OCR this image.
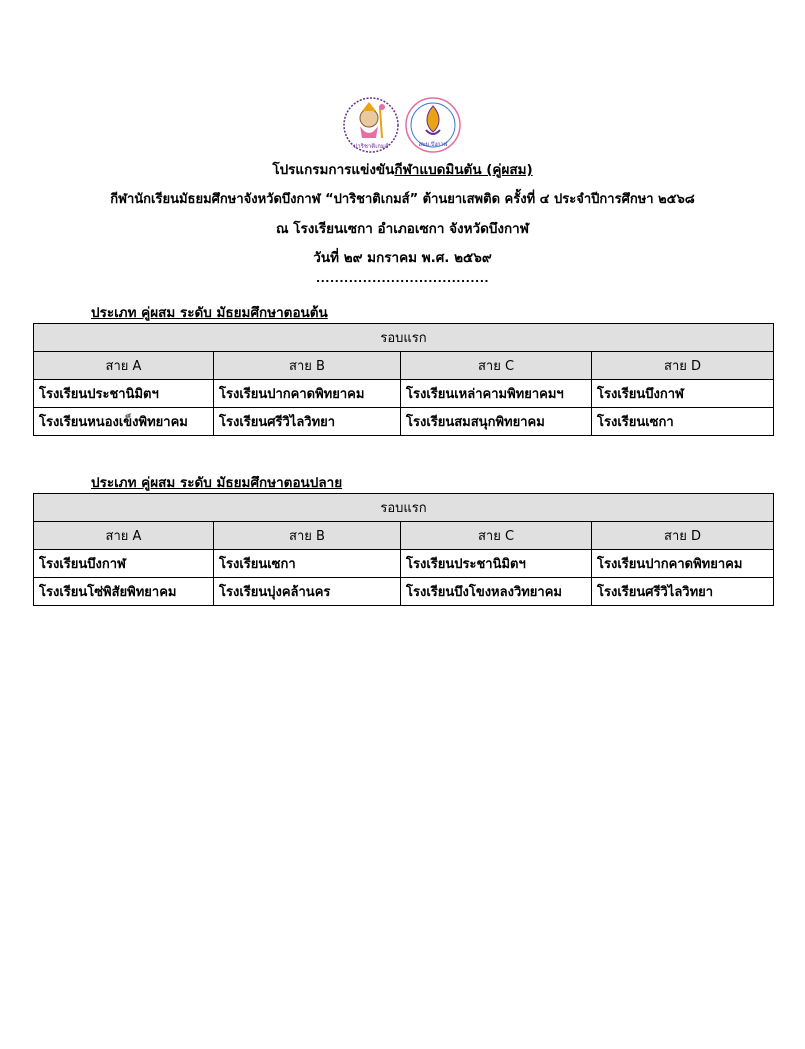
ปาริชาติเกมส์	สพม.บึงกาฬ
โปรแกรมการแข่งขันกีฬาแบดมินตัน (คู่ผสม)
กีฬานักเรียนมัธยมศึกษาจังหวัดบึงกาฬ “ปาริชาติเกมส์” ต้านยาเสพติด ครั้งที่ ๔ ประจำปีการศึกษา ๒๕๖๘
ณ โรงเรียนเซกา อำเภอเซกา จังหวัดบึงกาฬ
วันที่ ๒๙ มกราคม พ.ศ. ๒๕๖๙
.....................................
ประเภท คู่ผสม ระดับ มัธยมศึกษาตอนต้น
รอบแรก			
สาย A	สาย B	สาย C	สาย D
โรงเรียนประชานิมิตฯ	โรงเรียนปากคาดพิทยาคม	โรงเรียนเหล่าคามพิทยาคมฯ	โรงเรียนบึงกาฬ
โรงเรียนหนองเข็งพิทยาคม	โรงเรียนศรีวิไลวิทยา	โรงเรียนสมสนุกพิทยาคม	โรงเรียนเซกา
ประเภท คู่ผสม ระดับ มัธยมศึกษาตอนปลาย
รอบแรก			
สาย A	สาย B	สาย C	สาย D
โรงเรียนบึงกาฬ	โรงเรียนเซกา	โรงเรียนประชานิมิตฯ	โรงเรียนปากคาดพิทยาคม
โรงเรียนโซ่พิสัยพิทยาคม	โรงเรียนบุ่งคล้านคร	โรงเรียนบึงโขงหลงวิทยาคม	โรงเรียนศรีวิไลวิทยา
